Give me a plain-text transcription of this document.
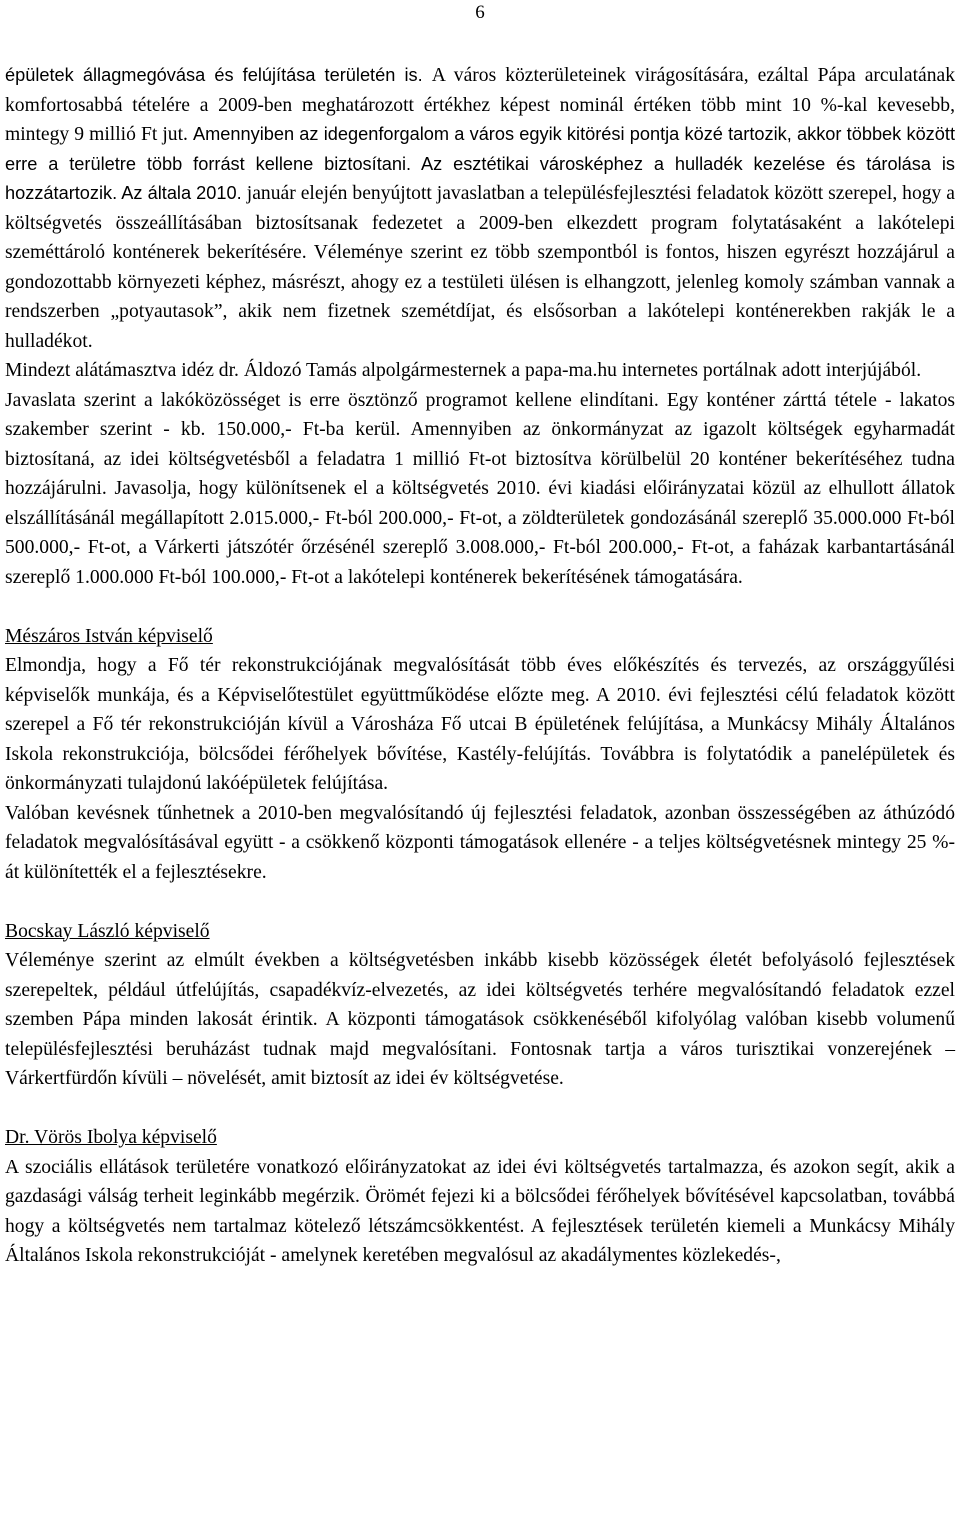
6

épületek állagmegóvása és felújítása területén is. A város közterületeinek virágosítására, ezáltal Pápa arculatának komfortosabbá tételére a 2009-ben meghatározott értékhez képest nominál értéken több mint 10 %-kal kevesebb, mintegy 9 millió Ft jut. Amennyiben az idegenforgalom a város egyik kitörési pontja közé tartozik, akkor többek között erre a területre több forrást kellene biztosítani. Az esztétikai városképhez a hulladék kezelése és tárolása is hozzátartozik. Az általa 2010. január elején benyújtott javaslatban a településfejlesztési feladatok között szerepel, hogy a költségvetés összeállításában biztosítsanak fedezetet a 2009-ben elkezdett program folytatásaként a lakótelepi szeméttároló konténerek bekerítésére. Véleménye szerint ez több szempontból is fontos, hiszen egyrészt hozzájárul a gondozottabb környezeti képhez, másrészt, ahogy ez a testületi ülésen is elhangzott, jelenleg komoly számban vannak a rendszerben „potyautasok”, akik nem fizetnek szemétdíjat, és elsősorban a lakótelepi konténerekben rakják le a hulladékot.

Mindezt alátámasztva idéz dr. Áldozó Tamás alpolgármesternek a papa-ma.hu internetes portálnak adott interjújából.

Javaslata szerint a lakóközösséget is erre ösztönző programot kellene elindítani. Egy konténer zárttá tétele - lakatos szakember szerint - kb. 150.000,- Ft-ba kerül. Amennyiben az önkormányzat az igazolt költségek egyharmadát biztosítaná, az idei költségvetésből a feladatra 1 millió Ft-ot biztosítva körülbelül 20 konténer bekerítéséhez tudna hozzájárulni. Javasolja, hogy különítsenek el a költségvetés 2010. évi kiadási előirányzatai közül az elhullott állatok elszállításánál megállapított 2.015.000,- Ft-ból 200.000,- Ft-ot, a zöldterületek gondozásánál szereplő 35.000.000 Ft-ból 500.000,- Ft-ot, a Várkerti játszótér őrzésénél szereplő 3.008.000,- Ft-ból 200.000,- Ft-ot, a faházak karbantartásánál szereplő 1.000.000 Ft-ból 100.000,- Ft-ot a lakótelepi konténerek bekerítésének támogatására.

Mészáros István képviselő

Elmondja, hogy a Fő tér rekonstrukciójának megvalósítását több éves előkészítés és tervezés, az országgyűlési képviselők munkája, és a Képviselőtestület együttműködése előzte meg. A 2010. évi fejlesztési célú feladatok között szerepel a Fő tér rekonstrukcióján kívül a Városháza Fő utcai B épületének felújítása, a Munkácsy Mihály Általános Iskola rekonstrukciója, bölcsődei férőhelyek bővítése, Kastély-felújítás. Továbbra is folytatódik a panelépületek és önkormányzati tulajdonú lakóépületek felújítása.

Valóban kevésnek tűnhetnek a 2010-ben megvalósítandó új fejlesztési feladatok, azonban összességében az áthúzódó feladatok megvalósításával együtt - a csökkenő központi támogatások ellenére - a teljes költségvetésnek mintegy 25 %-át különítették el a fejlesztésekre.

Bocskay László képviselő

Véleménye szerint az elmúlt években a költségvetésben inkább kisebb közösségek életét befolyásoló fejlesztések szerepeltek, például útfelújítás, csapadékvíz-elvezetés, az idei költségvetés terhére megvalósítandó feladatok ezzel szemben Pápa minden lakosát érintik. A központi támogatások csökkenéséből kifolyólag valóban kisebb volumenű településfejlesztési beruházást tudnak majd megvalósítani. Fontosnak tartja a város turisztikai vonzerejének – Várkertfürdőn kívüli – növelését, amit biztosít az idei év költségvetése.

Dr. Vörös Ibolya képviselő

A szociális ellátások területére vonatkozó előirányzatokat az idei évi költségvetés tartalmazza, és azokon segít, akik a gazdasági válság terheit leginkább megérzik. Örömét fejezi ki a bölcsődei férőhelyek bővítésével kapcsolatban, továbbá hogy a költségvetés nem tartalmaz kötelező létszámcsökkentést. A fejlesztések területén kiemeli a Munkácsy Mihály Általános Iskola rekonstrukcióját - amelynek keretében megvalósul az akadálymentes közlekedés-,
